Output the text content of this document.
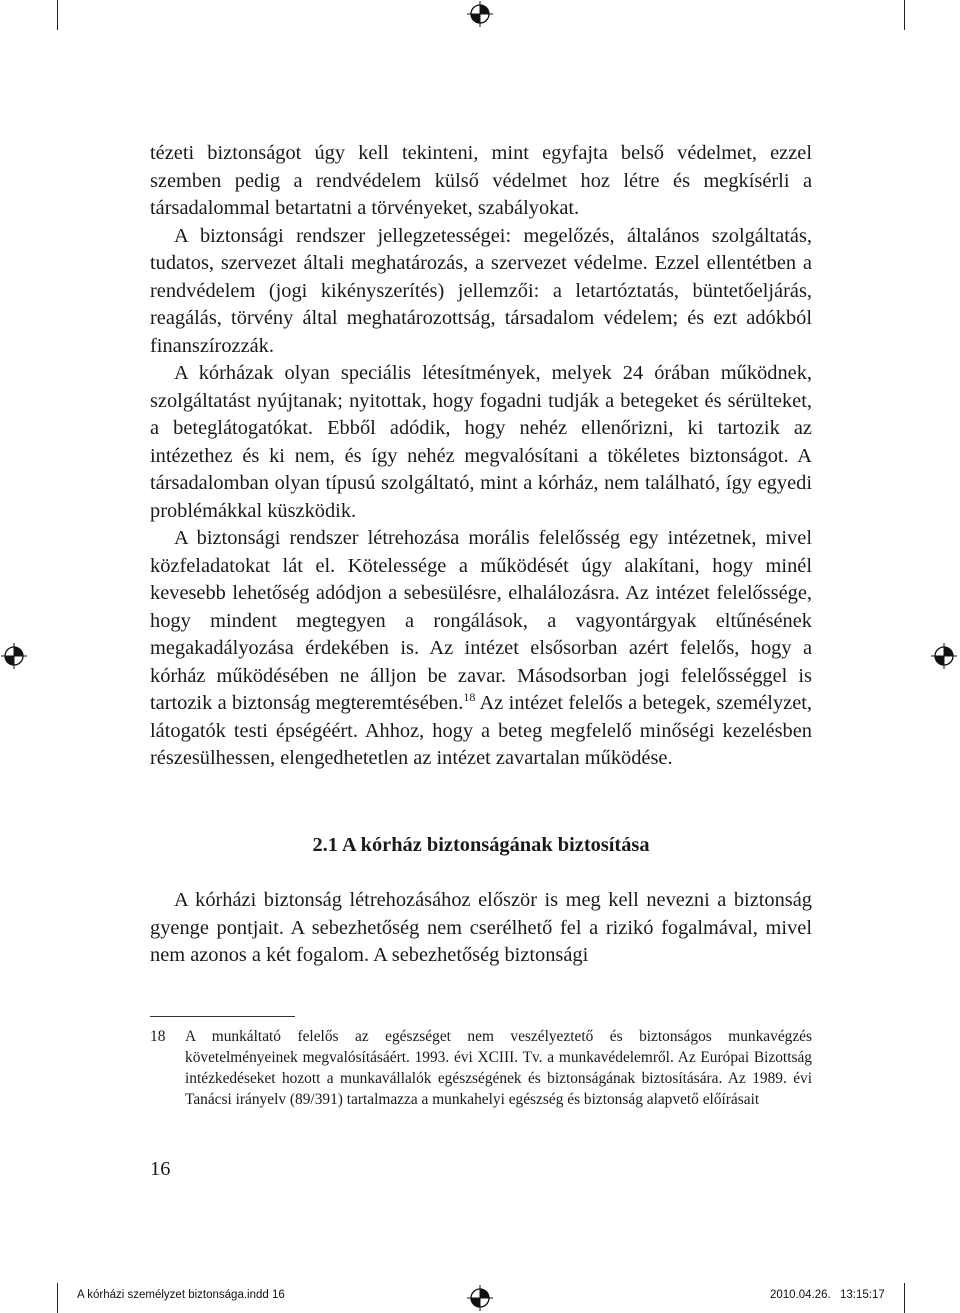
tézeti biztonságot úgy kell tekinteni, mint egyfajta belső védelmet, ezzel szemben pedig a rendvédelem külső védelmet hoz létre és megkísérli a társadalommal betartatni a törvényeket, szabályokat.

A biztonsági rendszer jellegzetességei: megelőzés, általános szolgáltatás, tudatos, szervezet általi meghatározás, a szervezet védelme. Ezzel ellentétben a rendvédelem (jogi kikényszerítés) jellemzői: a letartóztatás, büntetőeljárás, reagálás, törvény által meghatározottság, társadalom védelem; és ezt adókból finanszírozzák.

A kórházak olyan speciális létesítmények, melyek 24 órában működnek, szolgáltatást nyújtanak; nyitottak, hogy fogadni tudják a betegeket és sérülteket, a beteglátogatókat. Ebből adódik, hogy nehéz ellenőrizni, ki tartozik az intézethez és ki nem, és így nehéz megvalósítani a tökéletes biztonságot. A társadalomban olyan típusú szolgáltató, mint a kórház, nem található, így egyedi problémákkal küszködik.

A biztonsági rendszer létrehozása morális felelősség egy intézetnek, mivel közfeladatokat lát el. Kötelessége a működését úgy alakítani, hogy minél kevesebb lehetőség adódjon a sebesülésre, elhalálozásra. Az intézet felelőssége, hogy mindent megtegyen a rongálások, a vagyontárgyak eltűnésének megakadályozása érdekében is. Az intézet elsősorban azért felelős, hogy a kórház működésében ne álljon be zavar. Másodsorban jogi felelősséggel is tartozik a biztonság megteremtésében.$^{18}$ Az intézet felelős a betegek, személyzet, látogatók testi épségéért. Ahhoz, hogy a beteg megfelelő minőségi kezelésben részesülhessen, elengedhetetlen az intézet zavartalan működése.

2.1 A kórház biztonságának biztosítása

A kórházi biztonság létrehozásához először is meg kell nevezni a biztonság gyenge pontjait. A sebezhetőség nem cserélhető fel a rizikó fogalmával, mivel nem azonos a két fogalom. A sebezhetőség biztonsági

18 A munkáltató felelős az egészséget nem veszélyeztető és biztonságos munkavégzés követelményeinek megvalósításáért. 1993. évi XCIII. Tv. a munkavédelemről. Az Európai Bizottság intézkedéseket hozott a munkavállalók egészségének és biztonságának biztosítására. Az 1989. évi Tanácsi irányelv (89/391) tartalmazza a munkahelyi egészség és biztonság alapvető előírásait
16
A kórházi személyzet biztonsága.indd 16	2010.04.26. 13:15:17
